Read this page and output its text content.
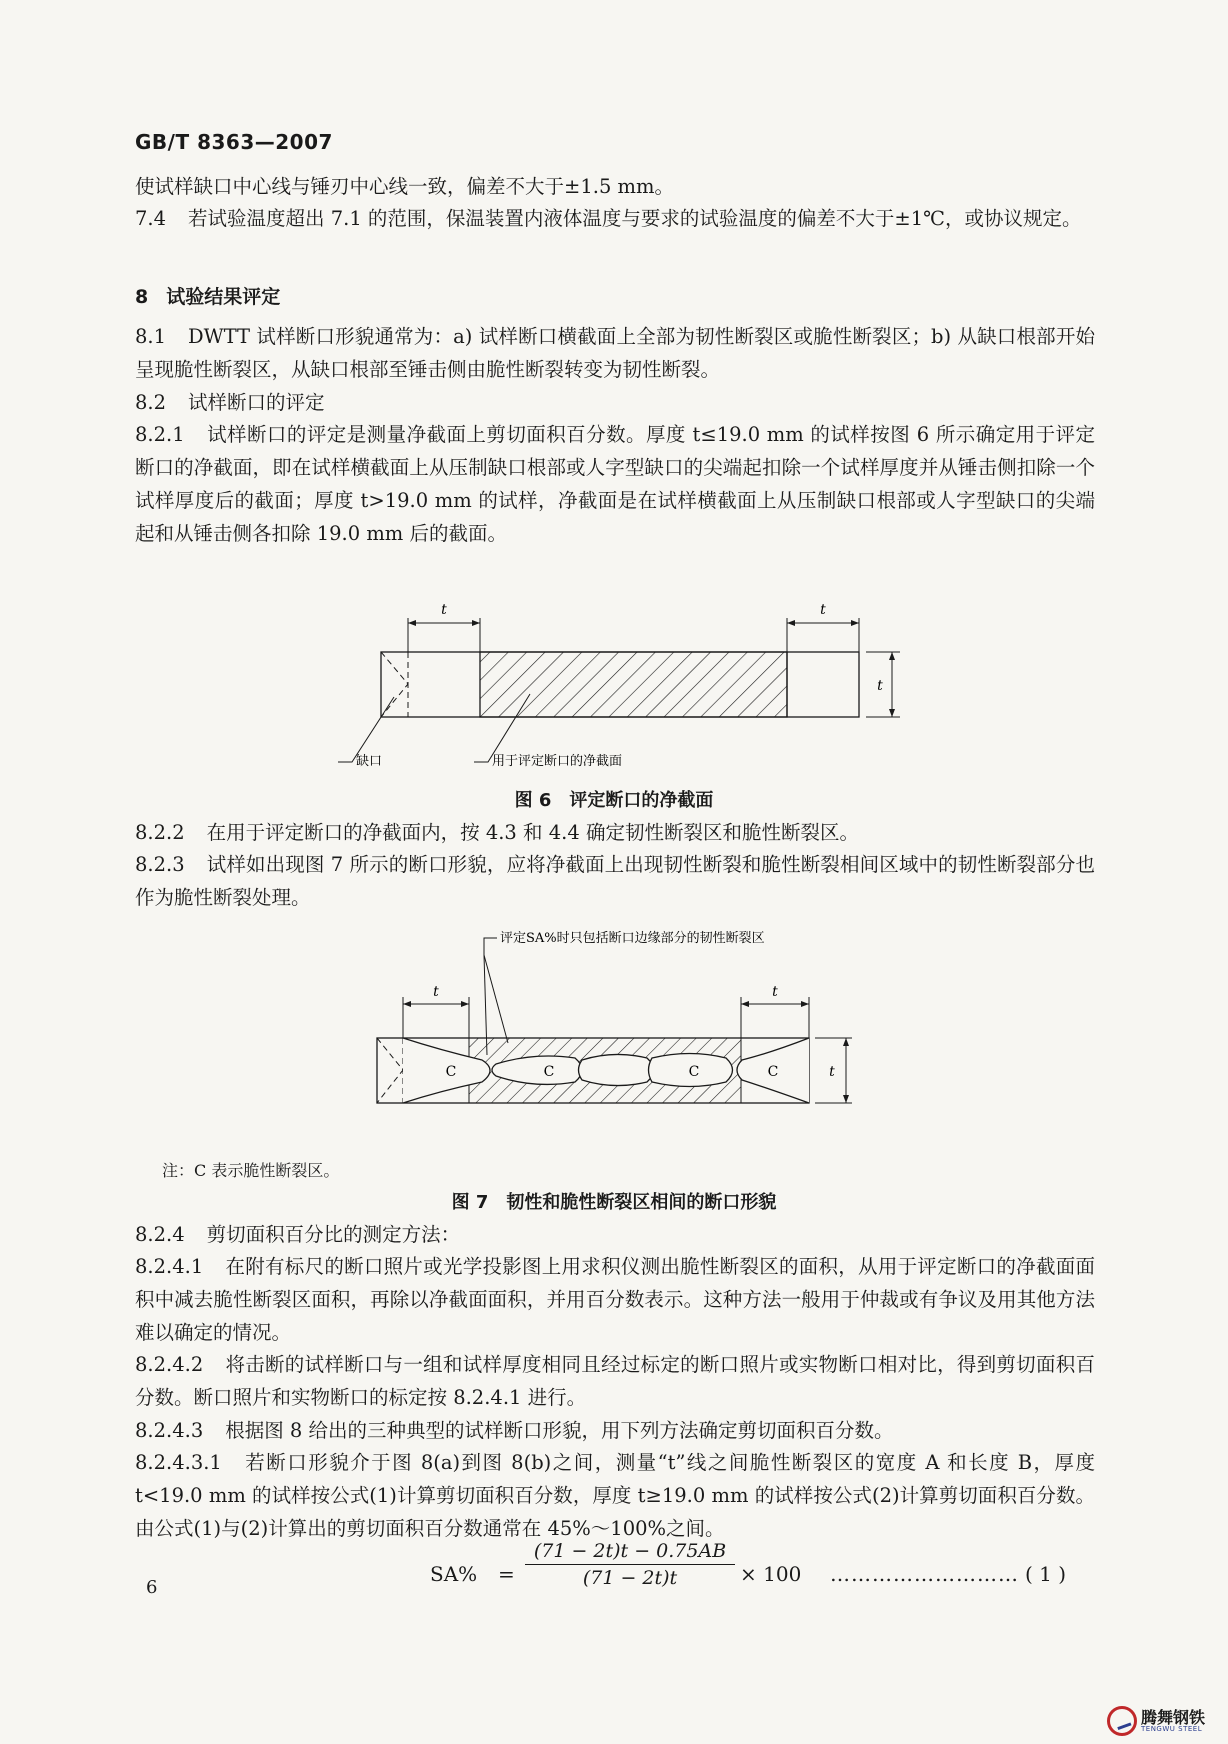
GB/T 8363—2007

使试样缺口中心线与锤刃中心线一致，偏差不大于±1.5 mm。

7.4 若试验温度超出 7.1 的范围，保温装置内液体温度与要求的试验温度的偏差不大于±1℃，或协议规定。

8 试验结果评定

8.1 DWTT 试样断口形貌通常为：a) 试样断口横截面上全部为韧性断裂区或脆性断裂区；b) 从缺口根部开始呈现脆性断裂区，从缺口根部至锤击侧由脆性断裂转变为韧性断裂。

8.2 试样断口的评定

8.2.1 试样断口的评定是测量净截面上剪切面积百分数。厚度 t≤19.0 mm 的试样按图 6 所示确定用于评定断口的净截面，即在试样横截面上从压制缺口根部或人字型缺口的尖端起扣除一个试样厚度并从锤击侧扣除一个试样厚度后的截面；厚度 t>19.0 mm 的试样，净截面是在试样横截面上从压制缺口根部或人字型缺口的尖端起和从锤击侧各扣除 19.0 mm 后的截面。

t	t
t
缺口	用于评定断口的净截面
图 6 评定断口的净截面

8.2.2 在用于评定断口的净截面内，按 4.3 和 4.4 确定韧性断裂区和脆性断裂区。

8.2.3 试样如出现图 7 所示的断口形貌，应将净截面上出现韧性断裂和脆性断裂相间区域中的韧性断裂部分也作为脆性断裂处理。

评定SA%时只包括断口边缘部分的韧性断裂区
t	t
C	C	C	C	t
注：C 表示脆性断裂区。
图 7 韧性和脆性断裂区相间的断口形貌

8.2.4 剪切面积百分比的测定方法：

8.2.4.1 在附有标尺的断口照片或光学投影图上用求积仪测出脆性断裂区的面积，从用于评定断口的净截面面积中减去脆性断裂区面积，再除以净截面面积，并用百分数表示。这种方法一般用于仲裁或有争议及用其他方法难以确定的情况。

8.2.4.2 将击断的试样断口与一组和试样厚度相同且经过标定的断口照片或实物断口相对比，得到剪切面积百分数。断口照片和实物断口的标定按 8.2.4.1 进行。

8.2.4.3 根据图 8 给出的三种典型的试样断口形貌，用下列方法确定剪切面积百分数。

8.2.4.3.1 若断口形貌介于图 8(a)到图 8(b)之间，测量“t”线之间脆性断裂区的宽度 A 和长度 B，厚度 t<19.0 mm 的试样按公式(1)计算剪切面积百分数，厚度 t≥19.0 mm 的试样按公式(2)计算剪切面积百分数。由公式(1)与(2)计算出的剪切面积百分数通常在 45%～100%之间。

SA% =
(71 − 2t)t − 0.75AB
(71 − 2t)t	× 100 ……………………… ( 1 )
6
腾舞钢铁
TENGWU STEEL
